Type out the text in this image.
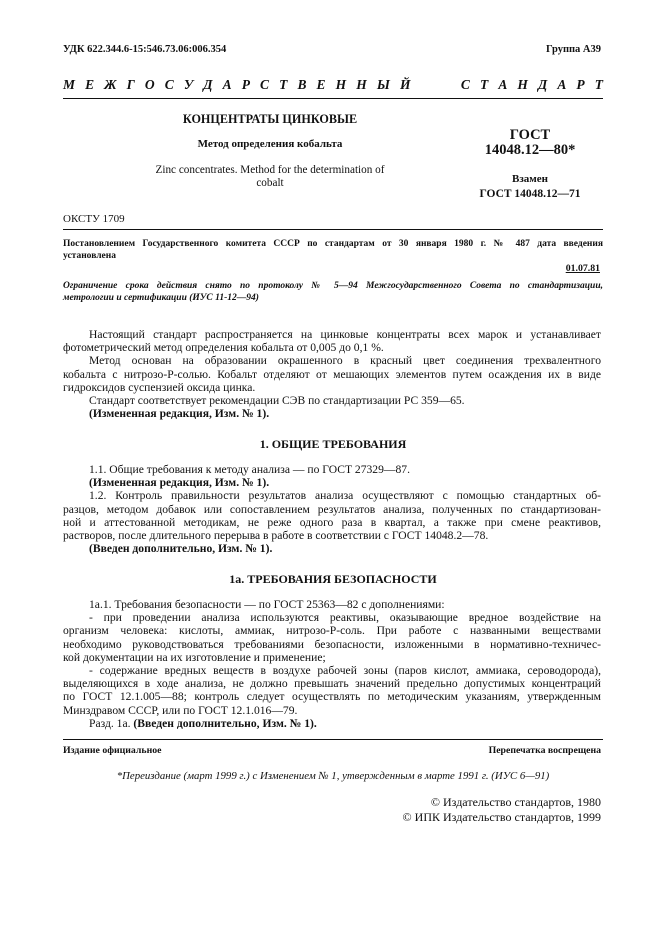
УДК 622.344.6-15:546.73.06:006.354	Группа А39
М Е Ж Г О С У Д А Р С Т В Е Н Н Ы Й     С Т А Н Д А Р Т
КОНЦЕНТРАТЫ ЦИНКОВЫЕ
Метод определения кобальта
Zinc concentrates. Method for the determination of
cobalt
ГОСТ
14048.12—80*
Взамен
ГОСТ 14048.12—71
ОКСТУ 1709
Постановлением Государственного комитета СССР по стандартам от 30 января 1980 г. № 487 дата введения
установлена
01.07.81
Ограничение срока действия снято по протоколу № 5—94 Межгосударственного Совета по стандартизации,
метрологии и сертификации (ИУС 11-12—94)

Настоящий стандарт распространяется на цинковые концентраты всех марок и устанавливает

фотометрический метод определения кобальта от 0,005 до 0,1 %.

Метод основан на образовании окрашенного в красный цвет соединения трехвалентного

кобальта с нитрозо-Р-солью. Кобальт отделяют от мешающих элементов путем осаждения их в виде

гидроксидов суспензией оксида цинка.

Стандарт соответствует рекомендации СЭВ по стандартизации РС 359—65.

(Измененная редакция, Изм. № 1).

1. ОБЩИЕ ТРЕБОВАНИЯ

1.1. Общие требования к методу анализа — по ГОСТ 27329—87.

(Измененная редакция, Изм. № 1).

1.2. Контроль правильности результатов анализа осуществляют с помощью стандартных об-

разцов, методом добавок или сопоставлением результатов анализа, полученных по стандартизован-

ной и аттестованной методикам, не реже одного раза в квартал, а также при смене реактивов,

растворов, после длительного перерыва в работе в соответствии с ГОСТ 14048.2—78.

(Введен дополнительно, Изм. № 1).

1а. ТРЕБОВАНИЯ БЕЗОПАСНОСТИ

1а.1. Требования безопасности — по ГОСТ 25363—82 с дополнениями:

- при проведении анализа используются реактивы, оказывающие вредное воздействие на

организм человека: кислоты, аммиак, нитрозо-Р-соль. При работе с названными веществами

необходимо руководствоваться требованиями безопасности, изложенными в нормативно-техничес-

кой документации на их изготовление и применение;

- содержание вредных веществ в воздухе рабочей зоны (паров кислот, аммиака, сероводорода),

выделяющихся в ходе анализа, не должно превышать значений предельно допустимых концентраций

по ГОСТ 12.1.005—88; контроль следует осуществлять по методическим указаниям, утвержденным

Минздравом СССР, или по ГОСТ 12.1.016—79.

Разд. 1а. (Введен дополнительно, Изм. № 1).

Издание официальное	Перепечатка воспрещена
*Переиздание (март 1999 г.) с Изменением № 1, утвержденным в марте 1991 г. (ИУС 6—91)
© Издательство стандартов, 1980
© ИПК Издательство стандартов, 1999
